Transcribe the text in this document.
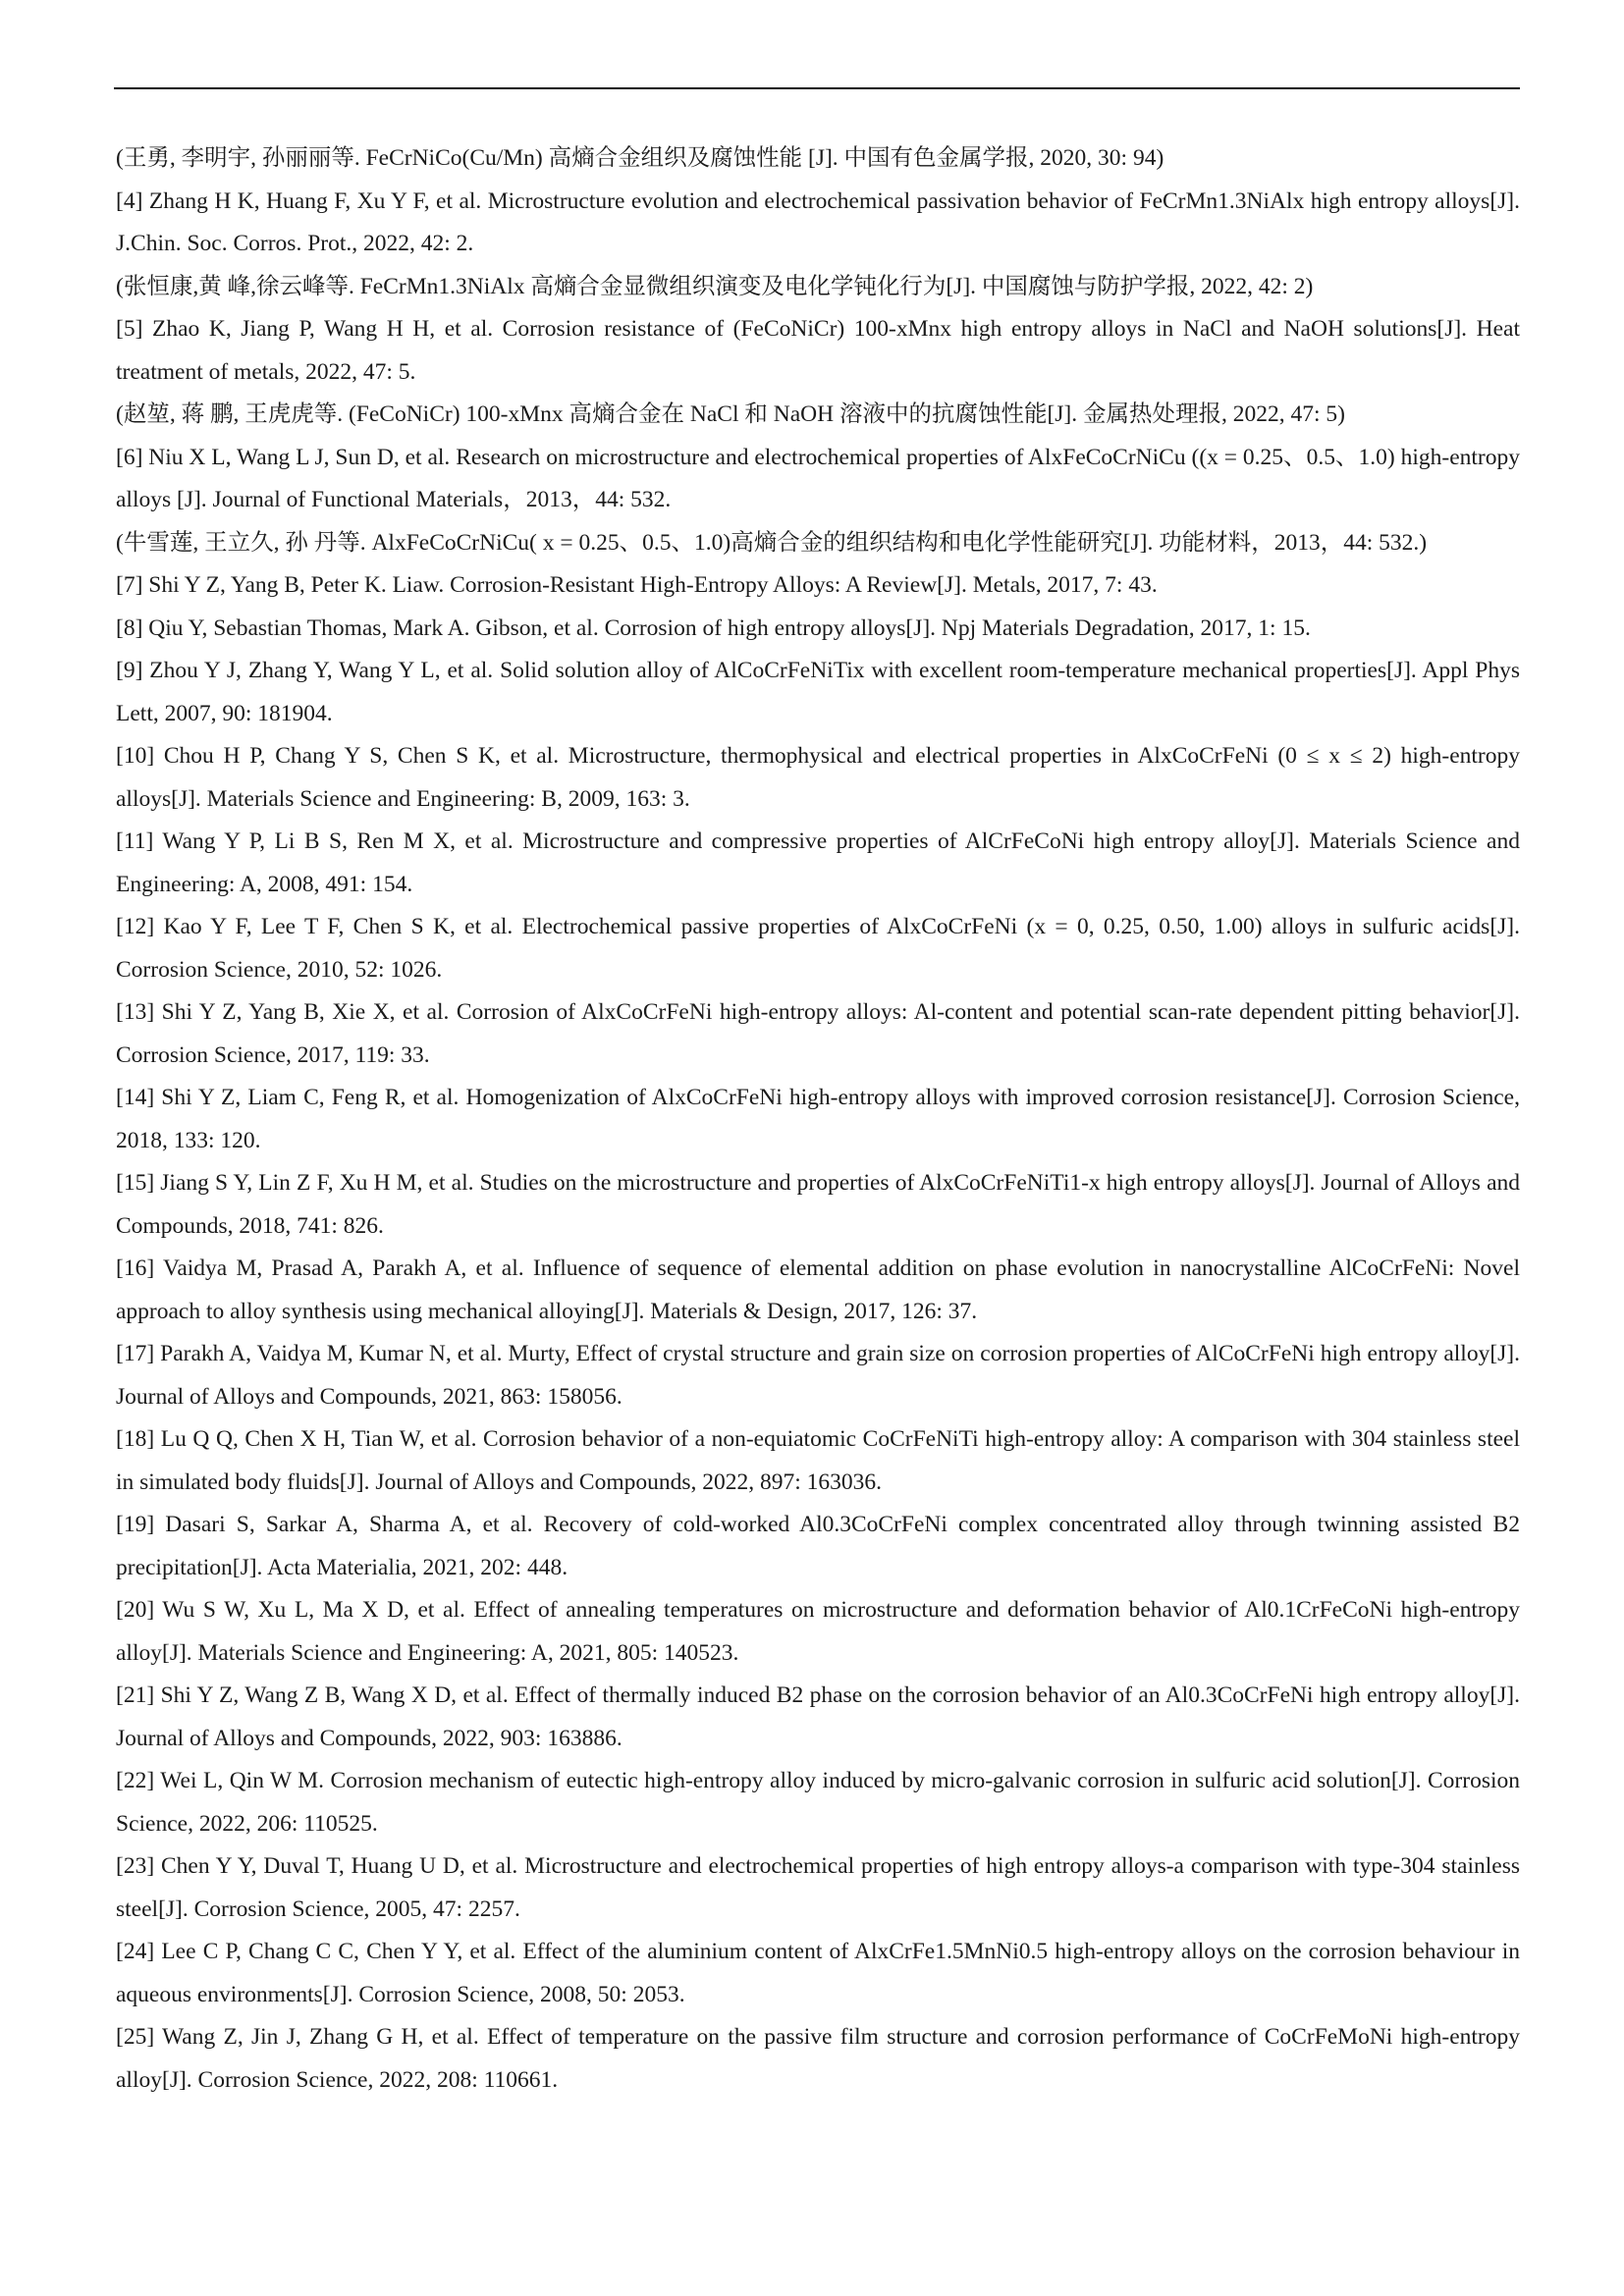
(王勇, 李明宇, 孙丽丽等. FeCrNiCo(Cu/Mn) 高熵合金组织及腐蚀性能 [J]. 中国有色金属学报, 2020, 30: 94)

[4] Zhang H K, Huang F, Xu Y F, et al. Microstructure evolution and electrochemical passivation behavior of FeCrMn1.3NiAlx high entropy alloys[J]. J.Chin. Soc. Corros. Prot., 2022, 42: 2.

(张恒康,黄 峰,徐云峰等. FeCrMn1.3NiAlx 高熵合金显微组织演变及电化学钝化行为[J]. 中国腐蚀与防护学报, 2022, 42: 2)

[5] Zhao K, Jiang P, Wang H H, et al. Corrosion resistance of (FeCoNiCr) 100-xMnx high entropy alloys in NaCl and NaOH solutions[J]. Heat treatment of metals, 2022, 47: 5.

(赵堃, 蒋 鹏, 王虎虎等. (FeCoNiCr) 100-xMnx 高熵合金在 NaCl 和 NaOH 溶液中的抗腐蚀性能[J]. 金属热处理报, 2022, 47: 5)

[6] Niu X L, Wang L J, Sun D, et al. Research on microstructure and electrochemical properties of AlxFeCoCrNiCu ((x = 0.25、0.5、1.0) high-entropy alloys [J]. Journal of Functional Materials，2013，44: 532.

(牛雪莲, 王立久, 孙 丹等. AlxFeCoCrNiCu( x = 0.25、0.5、1.0)高熵合金的组织结构和电化学性能研究[J]. 功能材料，2013，44: 532.)

[7] Shi Y Z, Yang B, Peter K. Liaw. Corrosion-Resistant High-Entropy Alloys: A Review[J]. Metals, 2017, 7: 43.

[8] Qiu Y, Sebastian Thomas, Mark A. Gibson, et al. Corrosion of high entropy alloys[J]. Npj Materials Degradation, 2017, 1: 15.

[9] Zhou Y J, Zhang Y, Wang Y L, et al. Solid solution alloy of AlCoCrFeNiTix with excellent room-temperature mechanical properties[J]. Appl Phys Lett, 2007, 90: 181904.

[10] Chou H P, Chang Y S, Chen S K, et al. Microstructure, thermophysical and electrical properties in AlxCoCrFeNi (0 ≤ x ≤ 2) high-entropy alloys[J]. Materials Science and Engineering: B, 2009, 163: 3.

[11] Wang Y P, Li B S, Ren M X, et al. Microstructure and compressive properties of AlCrFeCoNi high entropy alloy[J]. Materials Science and Engineering: A, 2008, 491: 154.

[12] Kao Y F, Lee T F, Chen S K, et al. Electrochemical passive properties of AlxCoCrFeNi (x = 0, 0.25, 0.50, 1.00) alloys in sulfuric acids[J]. Corrosion Science, 2010, 52: 1026.

[13] Shi Y Z, Yang B, Xie X, et al. Corrosion of AlxCoCrFeNi high-entropy alloys: Al-content and potential scan-rate dependent pitting behavior[J]. Corrosion Science, 2017, 119: 33.

[14] Shi Y Z, Liam C, Feng R, et al. Homogenization of AlxCoCrFeNi high-entropy alloys with improved corrosion resistance[J]. Corrosion Science, 2018, 133: 120.

[15] Jiang S Y, Lin Z F, Xu H M, et al. Studies on the microstructure and properties of AlxCoCrFeNiTi1-x high entropy alloys[J]. Journal of Alloys and Compounds, 2018, 741: 826.

[16] Vaidya M, Prasad A, Parakh A, et al. Influence of sequence of elemental addition on phase evolution in nanocrystalline AlCoCrFeNi: Novel approach to alloy synthesis using mechanical alloying[J]. Materials & Design, 2017, 126: 37.

[17] Parakh A, Vaidya M, Kumar N, et al. Murty, Effect of crystal structure and grain size on corrosion properties of AlCoCrFeNi high entropy alloy[J]. Journal of Alloys and Compounds, 2021, 863: 158056.

[18] Lu Q Q, Chen X H, Tian W, et al. Corrosion behavior of a non-equiatomic CoCrFeNiTi high-entropy alloy: A comparison with 304 stainless steel in simulated body fluids[J]. Journal of Alloys and Compounds, 2022, 897: 163036.

[19] Dasari S, Sarkar A, Sharma A, et al. Recovery of cold-worked Al0.3CoCrFeNi complex concentrated alloy through twinning assisted B2 precipitation[J]. Acta Materialia, 2021, 202: 448.

[20] Wu S W, Xu L, Ma X D, et al. Effect of annealing temperatures on microstructure and deformation behavior of Al0.1CrFeCoNi high-entropy alloy[J]. Materials Science and Engineering: A, 2021, 805: 140523.

[21] Shi Y Z, Wang Z B, Wang X D, et al. Effect of thermally induced B2 phase on the corrosion behavior of an Al0.3CoCrFeNi high entropy alloy[J]. Journal of Alloys and Compounds, 2022, 903: 163886.

[22] Wei L, Qin W M. Corrosion mechanism of eutectic high-entropy alloy induced by micro-galvanic corrosion in sulfuric acid solution[J]. Corrosion Science, 2022, 206: 110525.

[23] Chen Y Y, Duval T, Huang U D, et al. Microstructure and electrochemical properties of high entropy alloys-a comparison with type-304 stainless steel[J]. Corrosion Science, 2005, 47: 2257.

[24] Lee C P, Chang C C, Chen Y Y, et al. Effect of the aluminium content of AlxCrFe1.5MnNi0.5 high-entropy alloys on the corrosion behaviour in aqueous environments[J]. Corrosion Science, 2008, 50: 2053.

[25] Wang Z, Jin J, Zhang G H, et al. Effect of temperature on the passive film structure and corrosion performance of CoCrFeMoNi high-entropy alloy[J]. Corrosion Science, 2022, 208: 110661.
